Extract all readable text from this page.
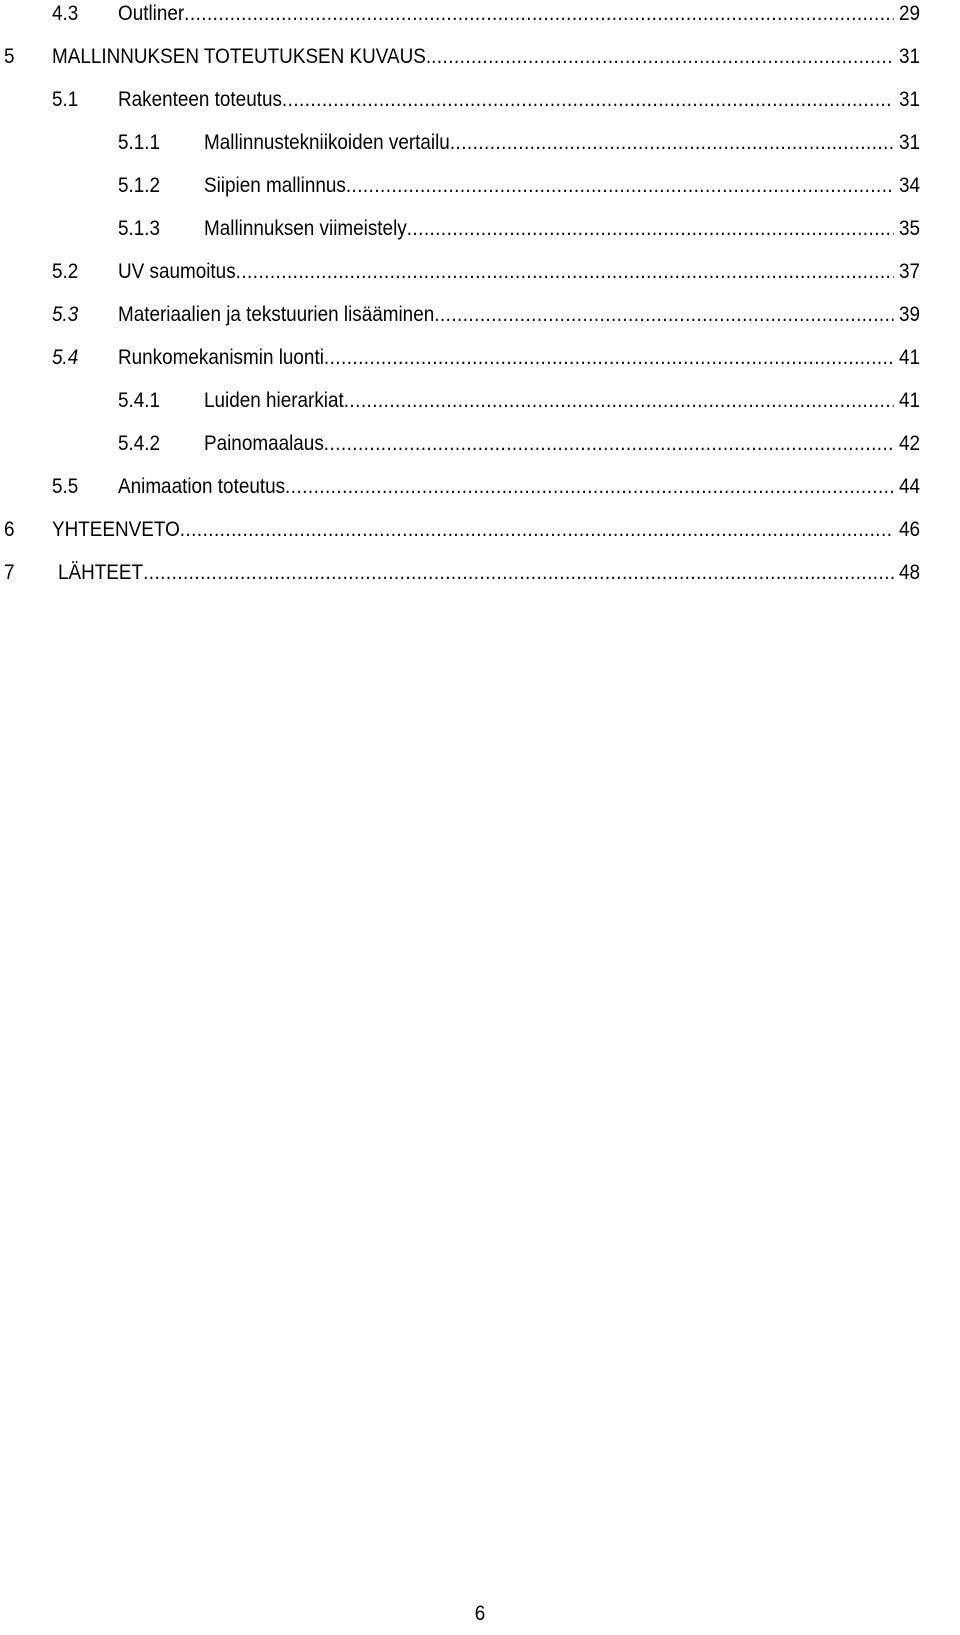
4.3 Outliner .....	29
5 MALLINNUKSEN TOTEUTUKSEN KUVAUS. .....	31
5.1 Rakenteen toteutus .....	31
5.1.1 Mallinnustekniikoiden vertailu .....	31
5.1.2 Siipien mallinnus .....	34
5.1.3 Mallinnuksen viimeistely .....	35
5.2 UV saumoitus .....	37
5.3 Materiaalien ja tekstuurien lisääminen .....	39
5.4 Runkomekanismin luonti .....	41
5.4.1 Luiden hierarkiat .....	41
5.4.2 Painomaalaus .....	42
5.5 Animaation toteutus .....	44
6 YHTEENVETO .....	46
7 LÄHTEET .....	48
6
